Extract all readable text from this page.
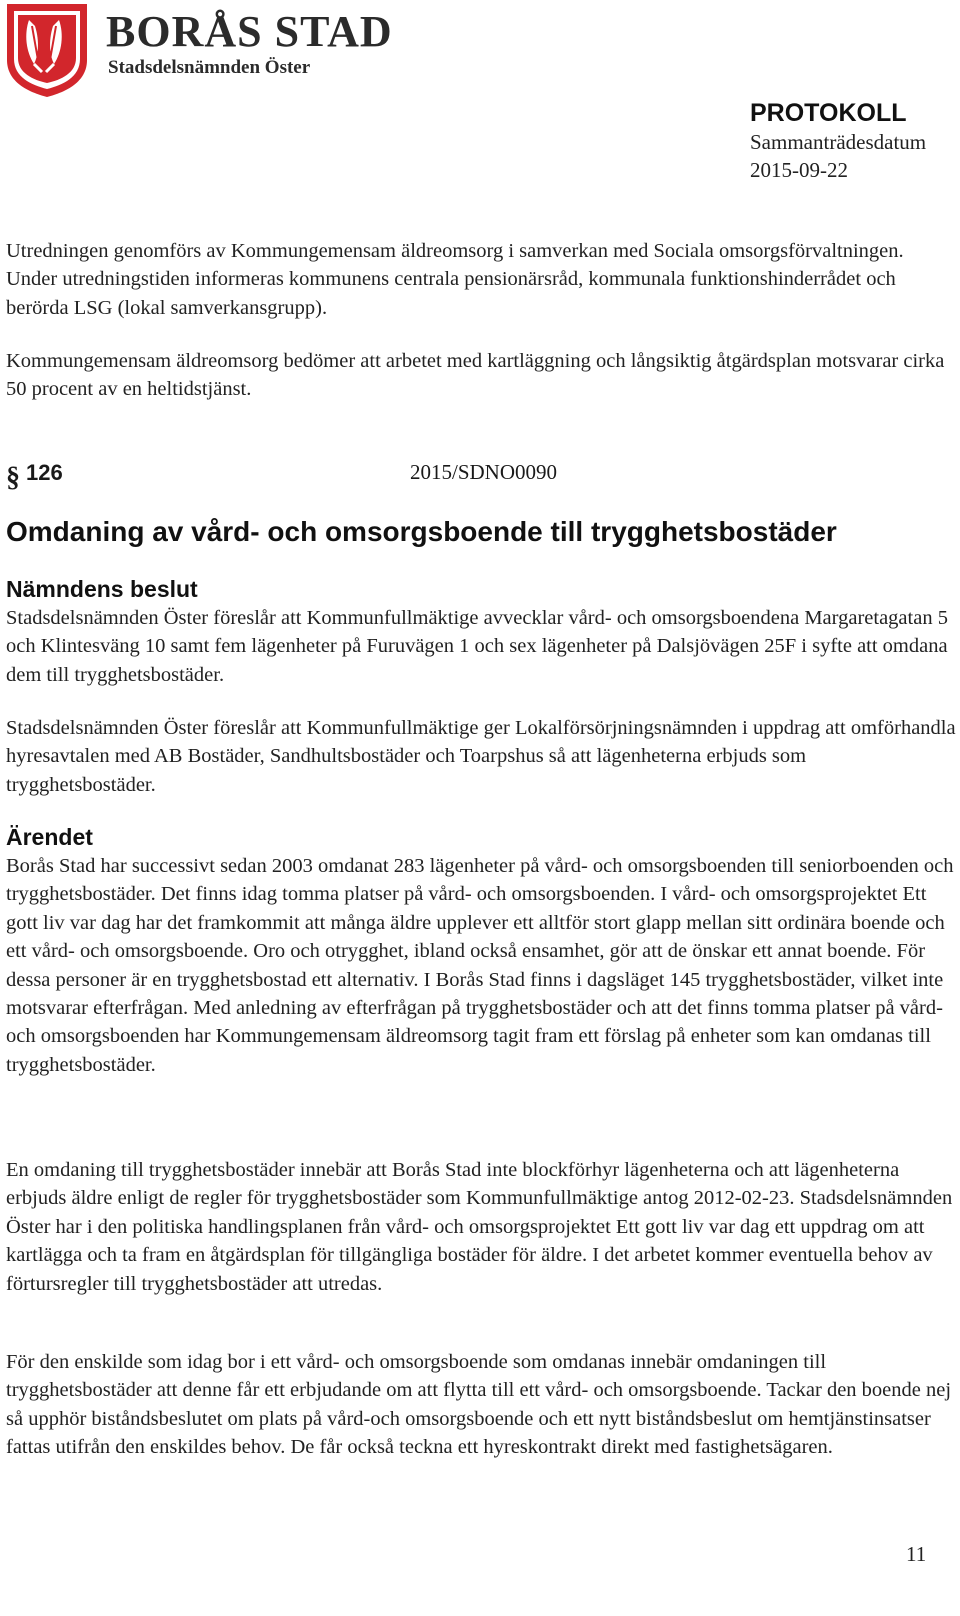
BORÅS STAD
Stadsdelsnämnden Öster
PROTOKOLL
Sammanträdesdatum
2015-09-22

Utredningen genomförs av Kommungemensam äldreomsorg i samverkan med Sociala omsorgsförvaltningen. Under utredningstiden informeras kommunens centrala pensionärsråd, kommunala funktionshinderrådet och berörda LSG (lokal samverkansgrupp).

Kommungemensam äldreomsorg bedömer att arbetet med kartläggning och långsiktig åtgärdsplan motsvarar cirka 50 procent av en heltidstjänst.

§ 126	2015/SDNO0090
Omdaning av vård- och omsorgsboende till trygghetsbostäder
Nämndens beslut

Stadsdelsnämnden Öster föreslår att Kommunfullmäktige avvecklar vård- och omsorgsboendena Margaretagatan 5 och Klintesväng 10 samt fem lägenheter på Furuvägen 1 och sex lägenheter på Dalsjövägen 25F i syfte att omdana dem till trygghetsbostäder.

Stadsdelsnämnden Öster föreslår att Kommunfullmäktige ger Lokalförsörjningsnämnden i uppdrag att omförhandla hyresavtalen med AB Bostäder, Sandhultsbostäder och Toarpshus så att lägenheterna erbjuds som trygghetsbostäder.

Ärendet

Borås Stad har successivt sedan 2003 omdanat 283 lägenheter på vård- och omsorgsboenden till seniorboenden och trygghetsbostäder. Det finns idag tomma platser på vård- och omsorgsboenden. I vård- och omsorgsprojektet Ett gott liv var dag har det framkommit att många äldre upplever ett alltför stort glapp mellan sitt ordinära boende och ett vård- och omsorgsboende. Oro och otrygghet, ibland också ensamhet, gör att de önskar ett annat boende. För dessa personer är en trygghetsbostad ett alternativ. I Borås Stad finns i dagsläget 145 trygghetsbostäder, vilket inte motsvarar efterfrågan. Med anledning av efterfrågan på trygghetsbostäder och att det finns tomma platser på vård- och omsorgsboenden har Kommungemensam äldreomsorg tagit fram ett förslag på enheter som kan omdanas till trygghetsbostäder.

En omdaning till trygghetsbostäder innebär att Borås Stad inte blockförhyr lägenheterna och att lägenheterna erbjuds äldre enligt de regler för trygghetsbostäder som Kommunfullmäktige antog 2012-02-23. Stadsdelsnämnden Öster har i den politiska handlingsplanen från vård- och omsorgsprojektet Ett gott liv var dag ett uppdrag om att kartlägga och ta fram en åtgärdsplan för tillgängliga bostäder för äldre. I det arbetet kommer eventuella behov av förtursregler till trygghetsbostäder att utredas.

För den enskilde som idag bor i ett vård- och omsorgsboende som omdanas innebär omdaningen till trygghetsbostäder att denne får ett erbjudande om att flytta till ett vård- och omsorgsboende. Tackar den boende nej så upphör biståndsbeslutet om plats på vård-och omsorgsboende och ett nytt biståndsbeslut om hemtjänstinsatser fattas utifrån den enskildes behov. De får också teckna ett hyreskontrakt direkt med fastighetsägaren.

11
